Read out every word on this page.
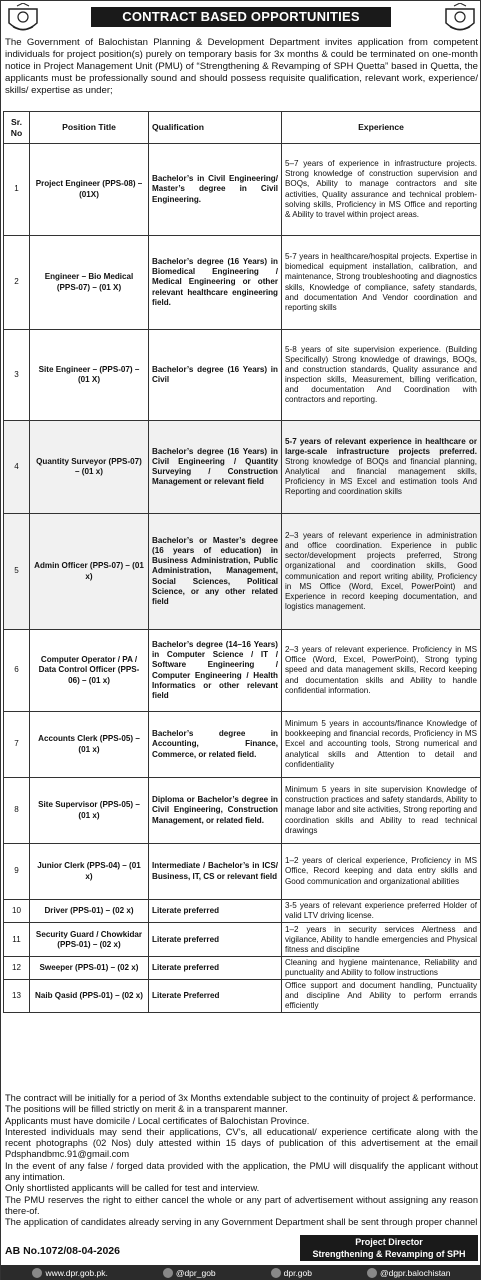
CONTRACT BASED OPPORTUNITIES
The Government of Balochistan Planning & Development Department invites application from competent individuals for project position(s) purely on temporary basis for 3x months & could be terminated on one-month notice in Project Management Unit (PMU) of “Strengthening & Revamping of SPH Quetta” based in Quetta, the applicants must be professionally sound and should possess requisite qualification, relevant work, experience/ skills/ expertise as under;
Sr. No	Position Title	Qualification	Experience
1	Project Engineer (PPS-08) – (01X)	Bachelor’s in Civil Engineering/ Master’s degree in Civil Engineering.	5–7 years of experience in infrastructure projects. Strong knowledge of construction supervision and BOQs, Ability to manage contractors and site activities, Quality assurance and technical problem-solving skills, Proficiency in MS Office and reporting & Ability to travel within project areas.
2	Engineer – Bio Medical (PPS-07) – (01 X)	Bachelor’s degree (16 Years) in Biomedical Engineering / Medical Engineering or other relevant healthcare engineering field.	5-7 years in healthcare/hospital projects. Expertise in biomedical equipment installation, calibration, and maintenance, Strong troubleshooting and diagnostics skills, Knowledge of compliance, safety standards, and documentation And Vendor coordination and reporting skills
3	Site Engineer – (PPS-07) – (01 X)	Bachelor’s degree (16 Years) in Civil	5-8 years of site supervision experience. (Building Specifically) Strong knowledge of drawings, BOQs, and construction standards, Quality assurance and inspection skills, Measurement, billing verification, and documentation And Coordination with contractors and reporting.
4	Quantity Surveyor (PPS-07) – (01 x)	Bachelor’s degree (16 Years) in Civil Engineering / Quantity Surveying / Construction Management or relevant field	5-7 years of relevant experience in healthcare or large-scale infrastructure projects preferred. Strong knowledge of BOQs and financial planning, Analytical and financial management skills, Proficiency in MS Excel and estimation tools And Reporting and coordination skills
5	Admin Officer (PPS-07) – (01 x)	Bachelor’s or Master’s degree (16 years of education) in Business Administration, Public Administration, Management, Social Sciences, Political Science, or any other related field	2–3 years of relevant experience in administration and office coordination. Experience in public sector/development projects preferred, Strong organizational and coordination skills, Good communication and report writing ability, Proficiency in MS Office (Word, Excel, PowerPoint) and Experience in record keeping documentation, and logistics management.
6	Computer Operator / PA / Data Control Officer (PPS-06) – (01 x)	Bachelor’s degree (14–16 Years) in Computer Science / IT / Software Engineering / Computer Engineering / Health Informatics or other relevant field	2–3 years of relevant experience. Proficiency in MS Office (Word, Excel, PowerPoint), Strong typing speed and data management skills, Record keeping and documentation skills and Ability to handle confidential information.
7	Accounts Clerk (PPS-05) – (01 x)	Bachelor’s degree in Accounting, Finance, Commerce, or related field.	Minimum 5 years in accounts/finance Knowledge of bookkeeping and financial records, Proficiency in MS Excel and accounting tools, Strong numerical and analytical skills and Attention to detail and confidentiality
8	Site Supervisor (PPS-05) – (01 x)	Diploma or Bachelor’s degree in Civil Engineering, Construction Management, or related field.	Minimum 5 years in site supervision Knowledge of construction practices and safety standards, Ability to manage labor and site activities, Strong reporting and coordination skills and Ability to read technical drawings
9	Junior Clerk (PPS-04) – (01 x)	Intermediate / Bachelor’s in ICS/ Business, IT, CS or relevant field	1–2 years of clerical experience, Proficiency in MS Office, Record keeping and data entry skills and Good communication and organizational abilities
10	Driver (PPS-01) – (02 x)	Literate preferred	3-5 years of relevant experience preferred Holder of valid LTV driving license.
11	Security Guard / Chowkidar (PPS-01) – (02 x)	Literate preferred	1–2 years in security services Alertness and vigilance, Ability to handle emergencies and Physical fitness and discipline
12	Sweeper (PPS-01) – (02 x)	Literate preferred	Cleaning and hygiene maintenance, Reliability and punctuality and Ability to follow instructions
13	Naib Qasid (PPS-01) – (02 x)	Literate Preferred	Office support and document handling, Punctuality and discipline And Ability to perform errands efficiently

The contract will be initially for a period of 3x Months extendable subject to the continuity of project & performance.

The positions will be filled strictly on merit & in a transparent manner.

Applicants must have domicile / Local certificates of Balochistan Province.

Interested individuals may send their applications, CV’s, all educational/ experience certificate along with the recent photographs (02 Nos) duly attested within 15 days of publication of this advertisement at the email Pdsphandbmc.91@gmail.com

In the event of any false / forged data provided with the application, the PMU will disqualify the applicant without any intimation.

Only shortlisted applicants will be called for test and interview.

The PMU reserves the right to either cancel the whole or any part of advertisement without assigning any reason there-of.

The application of candidates already serving in any Government Department shall be sent through proper channel

AB No.1072/08-04-2026
Project Director
Strengthening & Revamping of SPH
www.dpr.gob.pk.	@dpr_gob	dpr.gob	@dgpr.balochistan
